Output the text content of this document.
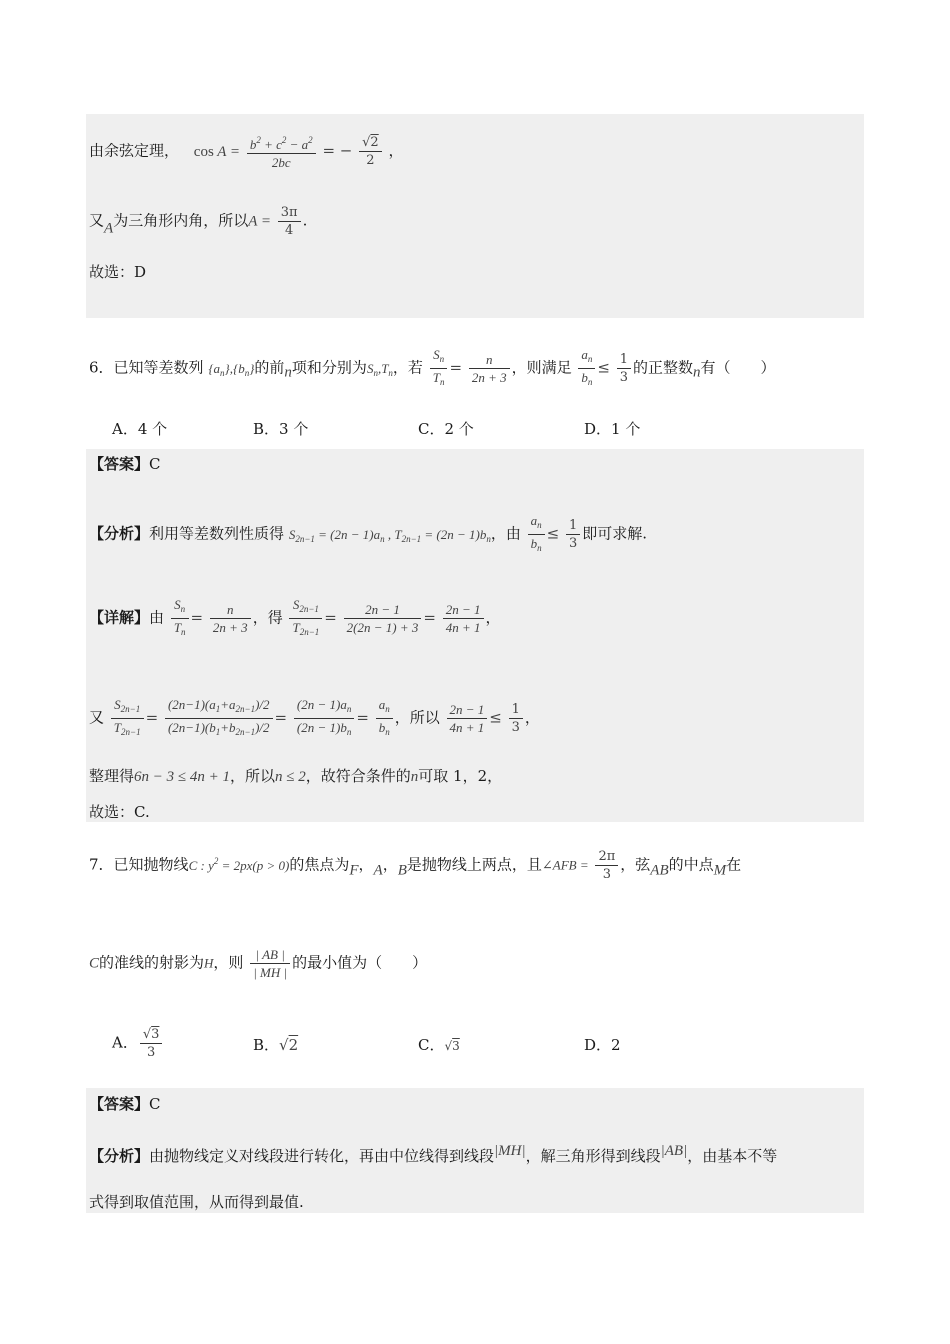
由余弦定理， $\cos A = \frac{b^2 + c^2 - a^2}{2bc}$ = − $\frac{√2}{2}$ ，
又A为三角形内角，所以$A = \frac{3\pi}{4}$ .
故选：D
6．已知等差数列 $\{a_n\},\{b_n\}$的前n项和分别为$S_n,T_n$，若 $\frac{S_n}{T_n} = \frac{n}{2n + 3}$ ，则满足 $\frac{a_n}{b_n} \le \frac{1}{3}$ 的正整数n有（　　）
A．4 个	B．3 个	C．2 个	D．1 个
【答案】C
【分析】利用等差数列性质得 $S_{2n-1} = (2n - 1)a_n$ , $T_{2n-1} = (2n - 1)b_n$，由 $\frac{a_n}{b_n} \le \frac{1}{3}$ 即可求解.
【详解】由 $\frac{S_n}{T_n} = \frac{n}{2n + 3}$ ，得 $\frac{S_{2n-1}}{T_{2n-1}} = \frac{2n - 1}{2(2n - 1) + 3} = \frac{2n - 1}{4n + 1}$ ，
又 $\frac{S_{2n-1}}{T_{2n-1}} = \frac{(2n-1)(a_1+a_{2n-1})/2}{(2n-1)(b_1+b_{2n-1})/2} = \frac{(2n - 1)a_n}{(2n - 1)b_n} = \frac{a_n}{b_n}$ ，所以 $\frac{2n - 1}{4n + 1} \le \frac{1}{3}$ ，
整理得6n − 3 ≤ 4n + 1，所以n ≤ 2，故符合条件的n可取 1，2，
故选：C.
7．已知抛物线C : $y^2 = 2px(p > 0)$的焦点为F，A，B是抛物线上两点，且∠AFB = $\frac{2\pi}{3}$ ，弦AB的中点M在
C的准线的射影为H，则 $\frac{| AB |}{| MH |}$ 的最小值为（　　）
A． $\frac{√3}{3}$	B．√2	C．√3	D．2
【答案】C
【分析】由抛物线定义对线段进行转化，再由中位线得到线段|MH|，解三角形得到线段|AB|，由基本不等
式得到取值范围，从而得到最值.
